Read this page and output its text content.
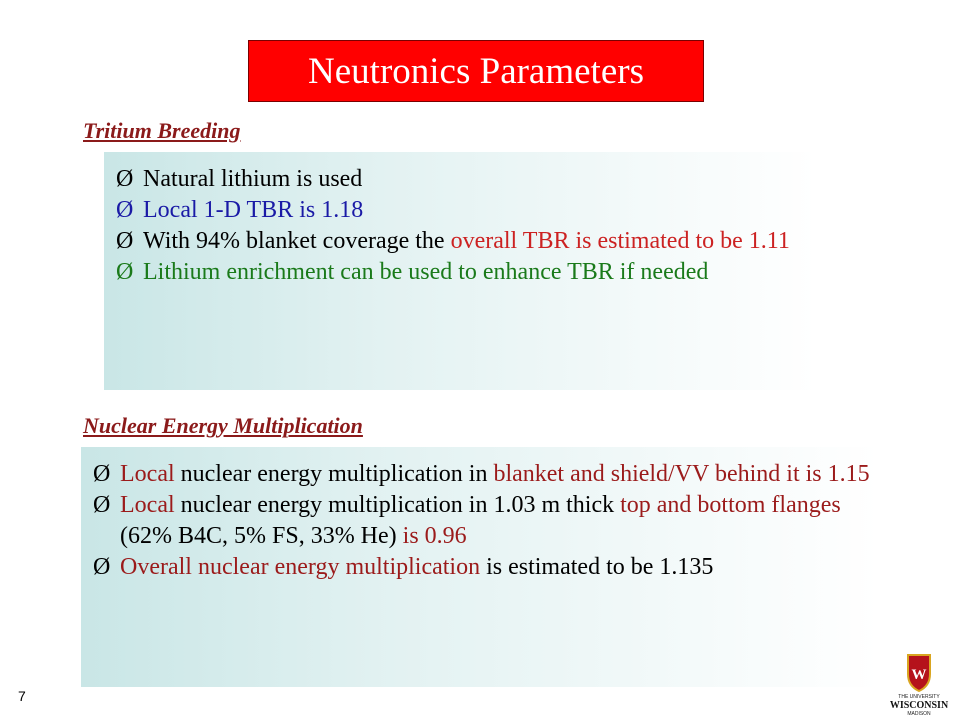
Neutronics Parameters
Tritium Breeding
Ø Natural lithium is used
Ø Local 1-D TBR is 1.18
Ø With 94% blanket coverage the overall TBR is estimated to be 1.11
Ø Lithium enrichment can be used to enhance TBR if needed
Nuclear Energy Multiplication
Ø Local nuclear energy multiplication in blanket and shield/VV behind it is 1.15
Ø Local nuclear energy multiplication in 1.03 m thick top and bottom flanges (62% B4C, 5% FS, 33% He) is 0.96
Ø Overall nuclear energy multiplication is estimated to be 1.135
7
W
THE UNIVERSITY
WISCONSIN
MADISON
